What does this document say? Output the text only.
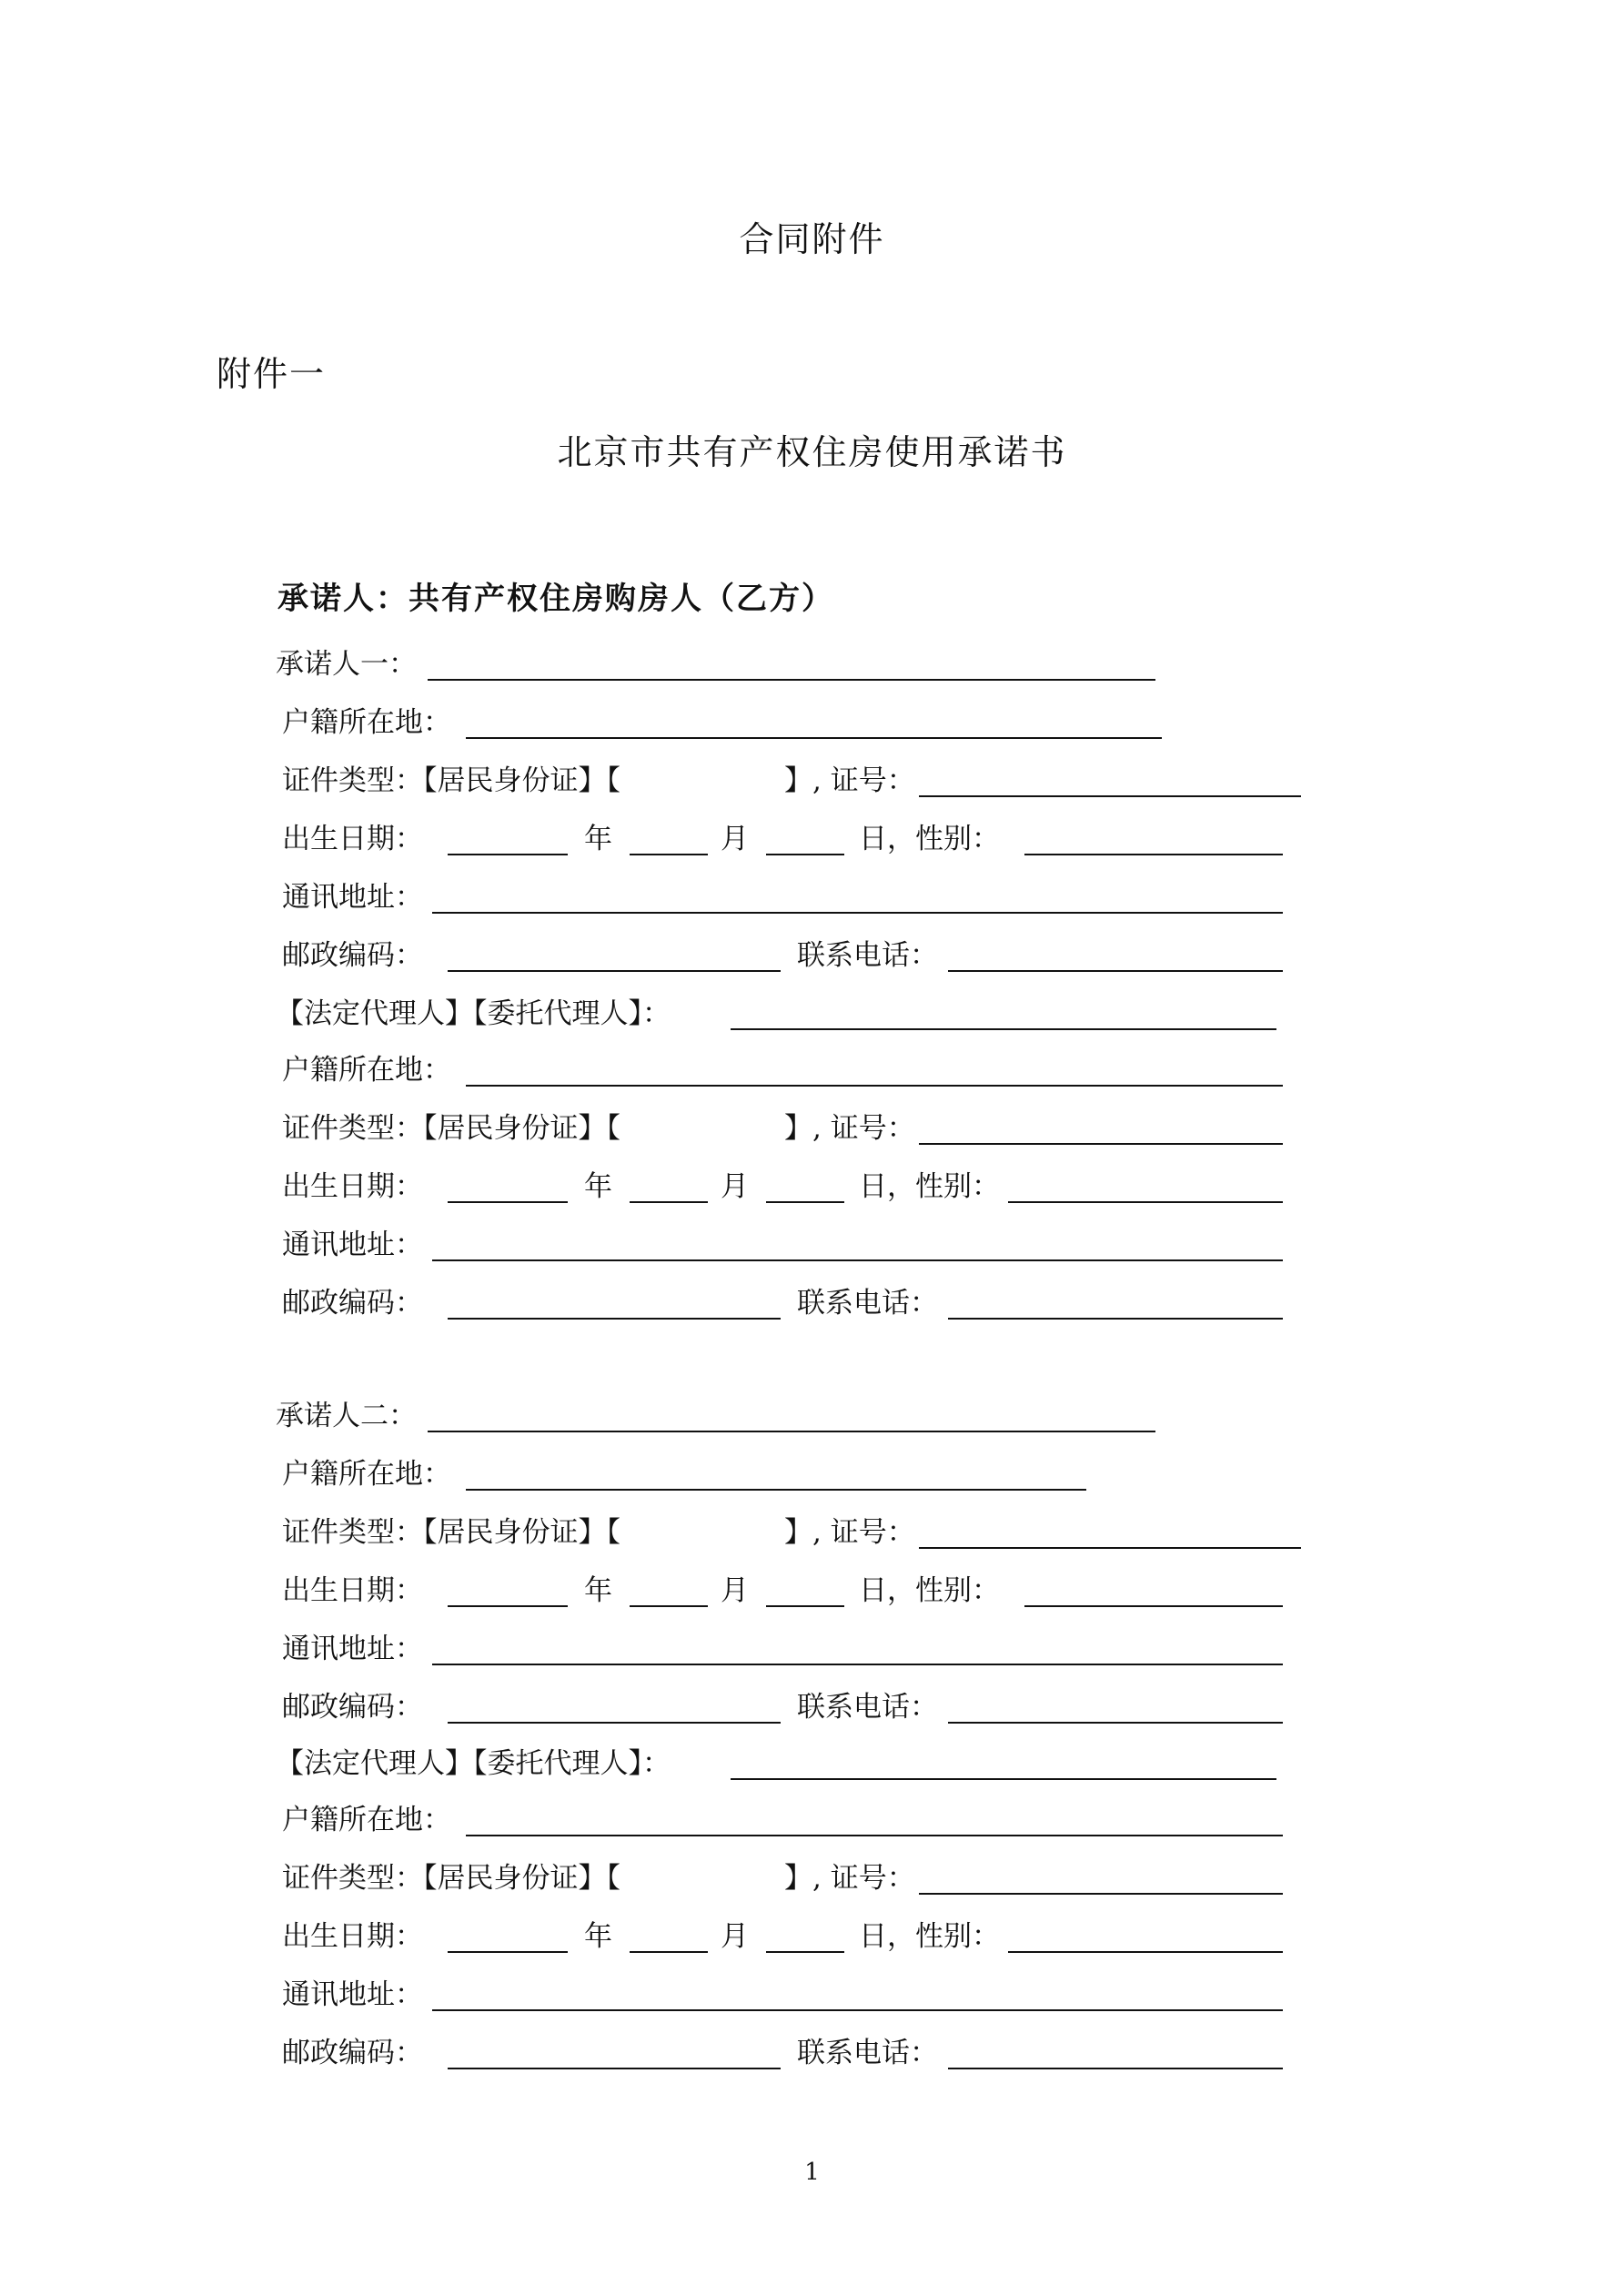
合同附件
附件一
北京市共有产权住房使用承诺书
承诺人：共有产权住房购房人（乙方）
承诺人一：
户籍所在地：
证件类型：【居民身份证】【	】, 证号：
出生日期：	年	月	日，性别：
通讯地址：
邮政编码：	联系电话：
【法定代理人】【委托代理人】：
户籍所在地：
证件类型：【居民身份证】【	】, 证号：
出生日期：	年	月	日，性别：
通讯地址：
邮政编码：	联系电话：
承诺人二：
户籍所在地：
证件类型：【居民身份证】【	】, 证号：
出生日期：	年	月	日，性别：
通讯地址：
邮政编码：	联系电话：
【法定代理人】【委托代理人】：
户籍所在地：
证件类型：【居民身份证】【	】, 证号：
出生日期：	年	月	日，性别：
通讯地址：
邮政编码：	联系电话：
1
